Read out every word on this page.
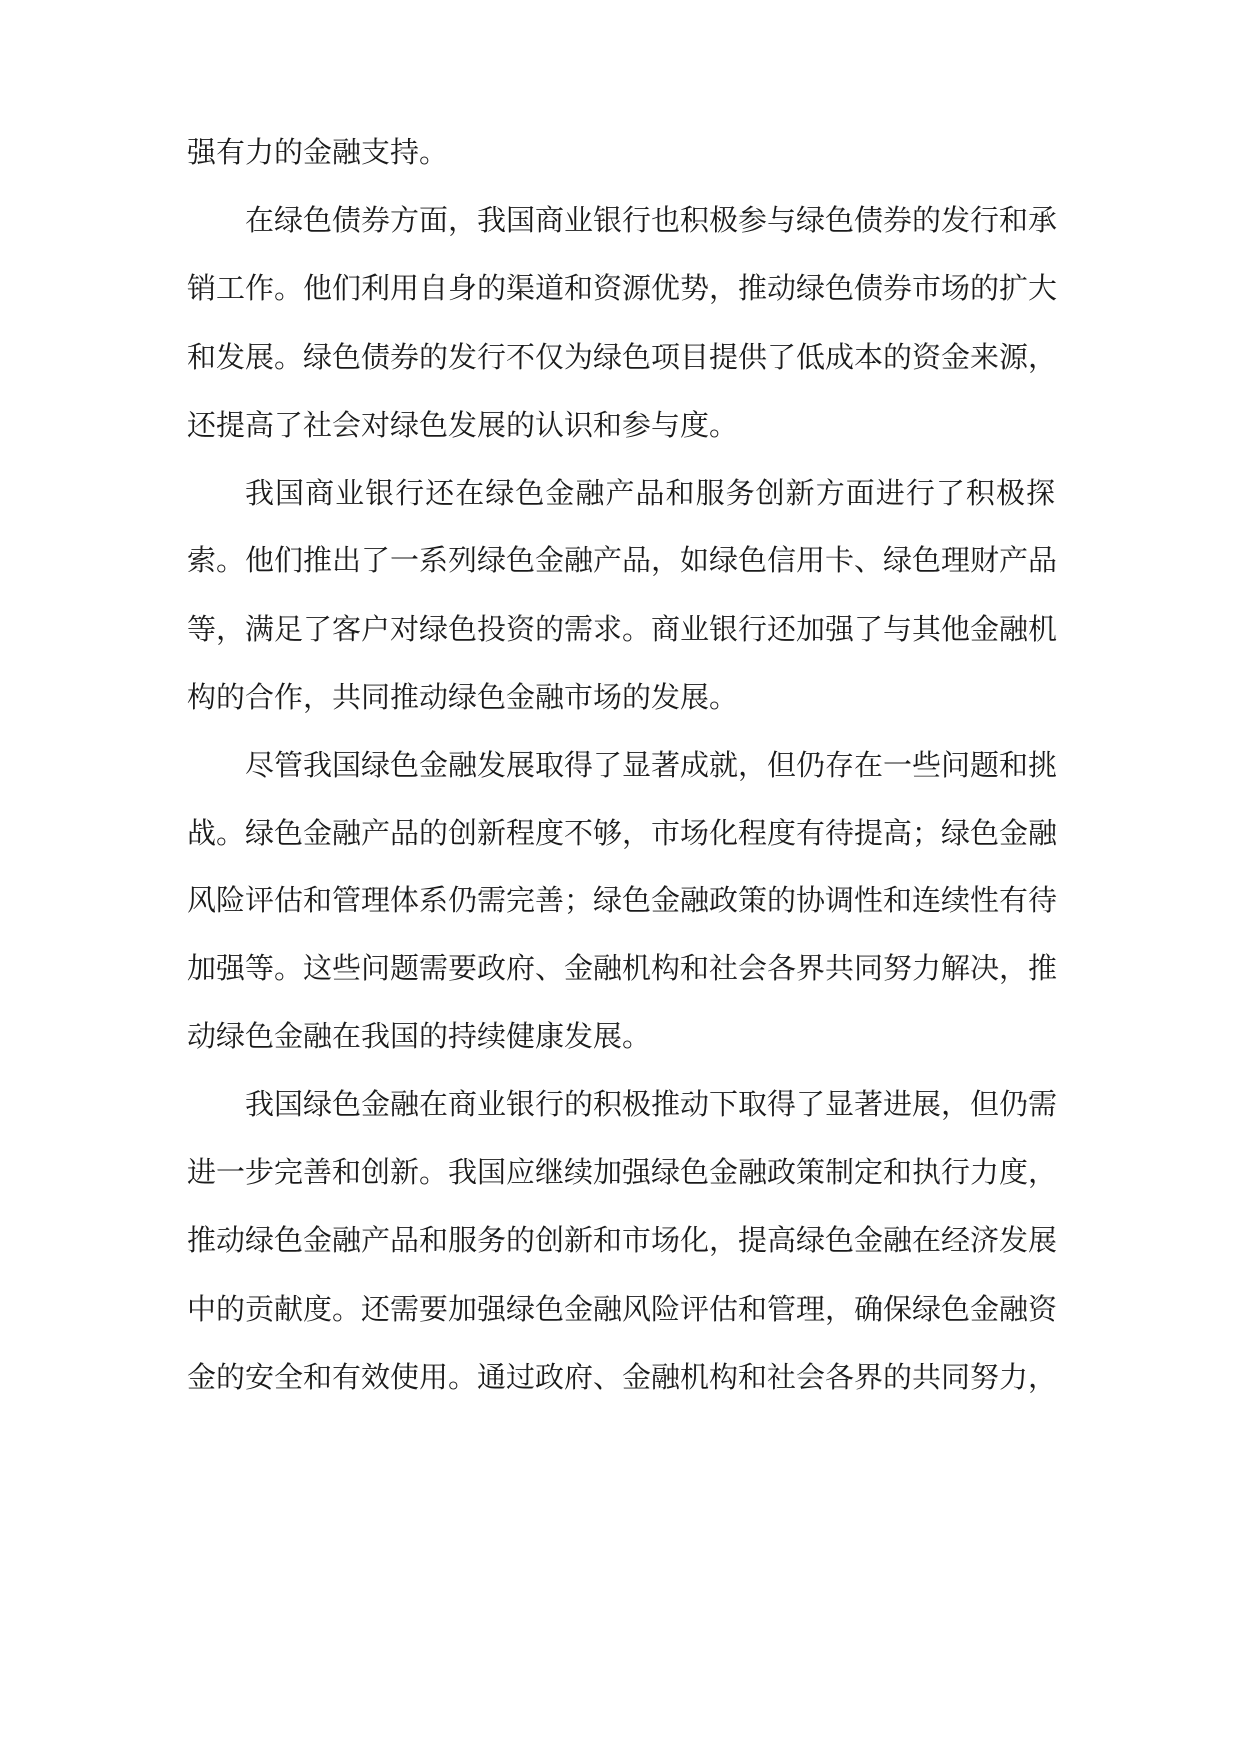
强有力的金融支持。
在绿色债券方面，我国商业银行也积极参与绿色债券的发行和承
销工作。他们利用自身的渠道和资源优势，推动绿色债券市场的扩大
和发展。绿色债券的发行不仅为绿色项目提供了低成本的资金来源，
还提高了社会对绿色发展的认识和参与度。
我国商业银行还在绿色金融产品和服务创新方面进行了积极探
索。他们推出了一系列绿色金融产品，如绿色信用卡、绿色理财产品
等，满足了客户对绿色投资的需求。商业银行还加强了与其他金融机
构的合作，共同推动绿色金融市场的发展。
尽管我国绿色金融发展取得了显著成就，但仍存在一些问题和挑
战。绿色金融产品的创新程度不够，市场化程度有待提高；绿色金融
风险评估和管理体系仍需完善；绿色金融政策的协调性和连续性有待
加强等。这些问题需要政府、金融机构和社会各界共同努力解决，推
动绿色金融在我国的持续健康发展。
我国绿色金融在商业银行的积极推动下取得了显著进展，但仍需
进一步完善和创新。我国应继续加强绿色金融政策制定和执行力度，
推动绿色金融产品和服务的创新和市场化，提高绿色金融在经济发展
中的贡献度。还需要加强绿色金融风险评估和管理，确保绿色金融资
金的安全和有效使用。通过政府、金融机构和社会各界的共同努力，
